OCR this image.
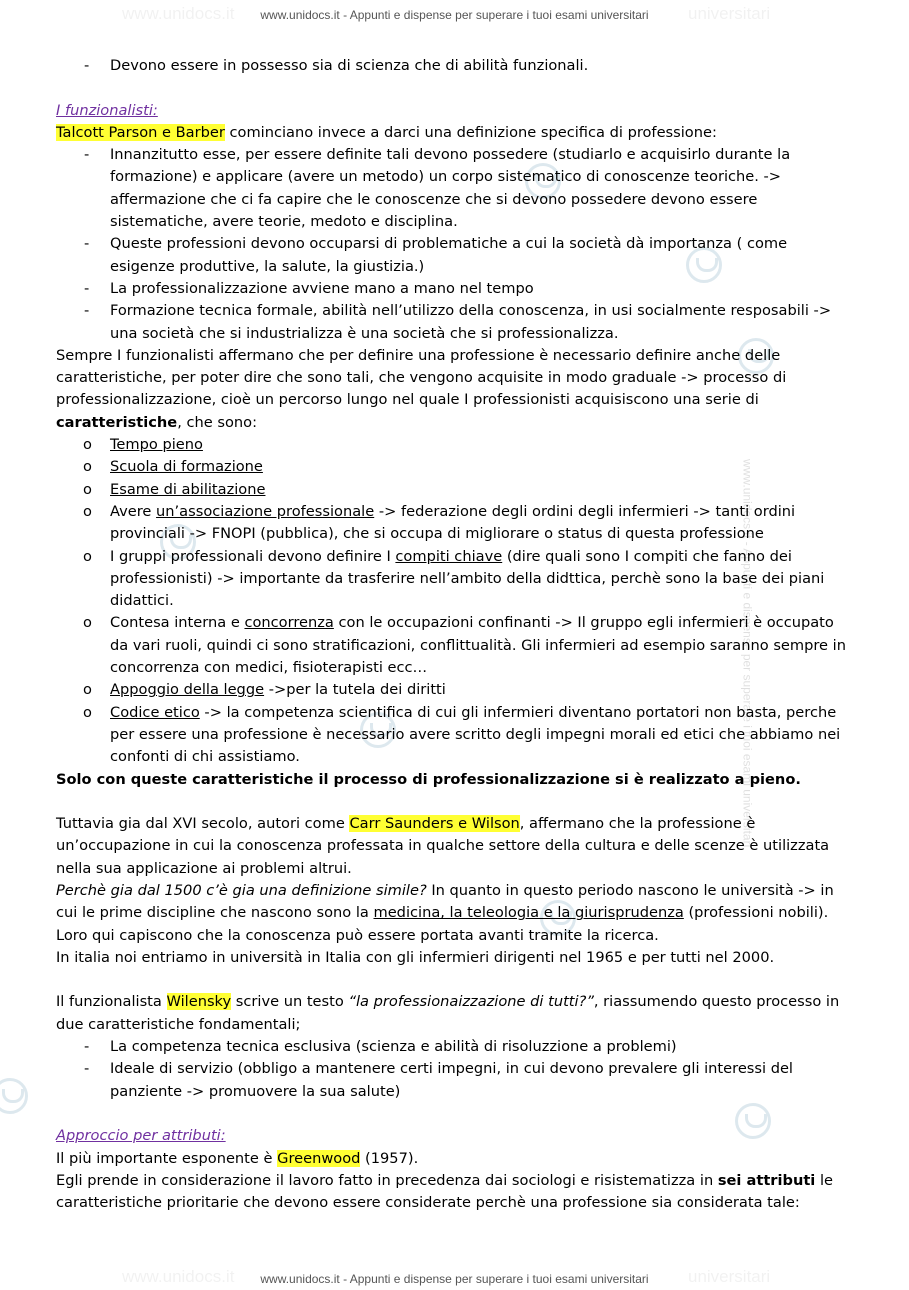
www.unidocs.it	universitari
www.unidocs.it - Appunti e dispense per superare i tuoi esami universitari
www.unidocs.it - Appunti e dispense per superare i tuoi esami universitari

- Devono essere in possesso sia di scienza che di abilità funzionali.

I funzionalisti:

Talcott Parson e Barber cominciano invece a darci una definizione specifica di professione:

- Innanzitutto esse, per essere definite tali devono possedere (studiarlo e acquisirlo durante la formazione) e applicare (avere un metodo) un corpo sistematico di conoscenze teoriche. -> affermazione che ci fa capire che le conoscenze che si devono possedere devono essere sistematiche, avere teorie, medoto e disciplina.

- Queste professioni devono occuparsi di problematiche a cui la società dà importanza ( come esigenze produttive, la salute, la giustizia.)

- La professionalizzazione avviene mano a mano nel tempo

- Formazione tecnica formale, abilità nell’utilizzo della conoscenza, in usi socialmente resposabili -> una società che si industrializza è una società che si professionalizza.

Sempre I funzionalisti affermano che per definire una professione è necessario definire anche delle caratteristiche, per poter dire che sono tali, che vengono acquisite in modo graduale -> processo di professionalizzazione, cioè un percorso lungo nel quale I professionisti acquisiscono una serie di caratteristiche, che sono:

o Tempo pieno

o Scuola di formazione

o Esame di abilitazione

o Avere un’associazione professionale -> federazione degli ordini degli infermieri -> tanti ordini provinciali -> FNOPI (pubblica), che si occupa di migliorare o status di questa professione

o I gruppi professionali devono definire I compiti chiave (dire quali sono I compiti che fanno dei professionisti) -> importante da trasferire nell’ambito della didttica, perchè sono la base dei piani didattici.

o Contesa interna e concorrenza con le occupazioni confinanti -> Il gruppo egli infermieri è occupato da vari ruoli, quindi ci sono stratificazioni, conflittualità. Gli infermieri ad esempio saranno sempre in concorrenza con medici, fisioterapisti ecc…

o Appoggio della legge ->per la tutela dei diritti

o Codice etico -> la competenza scientifica di cui gli infermieri diventano portatori non basta, perche per essere una professione è necessario avere scritto degli impegni morali ed etici che abbiamo nei confonti di chi assistiamo.

Solo con queste caratteristiche il processo di professionalizzazione si è realizzato a pieno.

Tuttavia gia dal XVI secolo, autori come Carr Saunders e Wilson, affermano che la professione è un’occupazione in cui la conoscenza professata in qualche settore della cultura e delle scenze è utilizzata nella sua applicazione ai problemi altrui.

Perchè gia dal 1500 c’è gia una definizione simile? In quanto in questo periodo nascono le università -> in cui le prime discipline che nascono sono la medicina, la teleologia e la giurisprudenza (professioni nobili).

Loro qui capiscono che la conoscenza può essere portata avanti tramite la ricerca.

In italia noi entriamo in università in Italia con gli infermieri dirigenti nel 1965 e per tutti nel 2000.

Il funzionalista Wilensky scrive un testo “la professionaizzazione di tutti?”, riassumendo questo processo in due caratteristiche fondamentali;

- La competenza tecnica esclusiva (scienza e abilità di risoluzzione a problemi)

- Ideale di servizio (obbligo a mantenere certi impegni, in cui devono prevalere gli interessi del panziente -> promuovere la sua salute)

Approccio per attributi:

Il più importante esponente è Greenwood (1957).

Egli prende in considerazione il lavoro fatto in precedenza dai sociologi e risistematizza in sei attributi le caratteristiche prioritarie che devono essere considerate perchè una professione sia considerata tale:

www.unidocs.it	universitari
www.unidocs.it - Appunti e dispense per superare i tuoi esami universitari
